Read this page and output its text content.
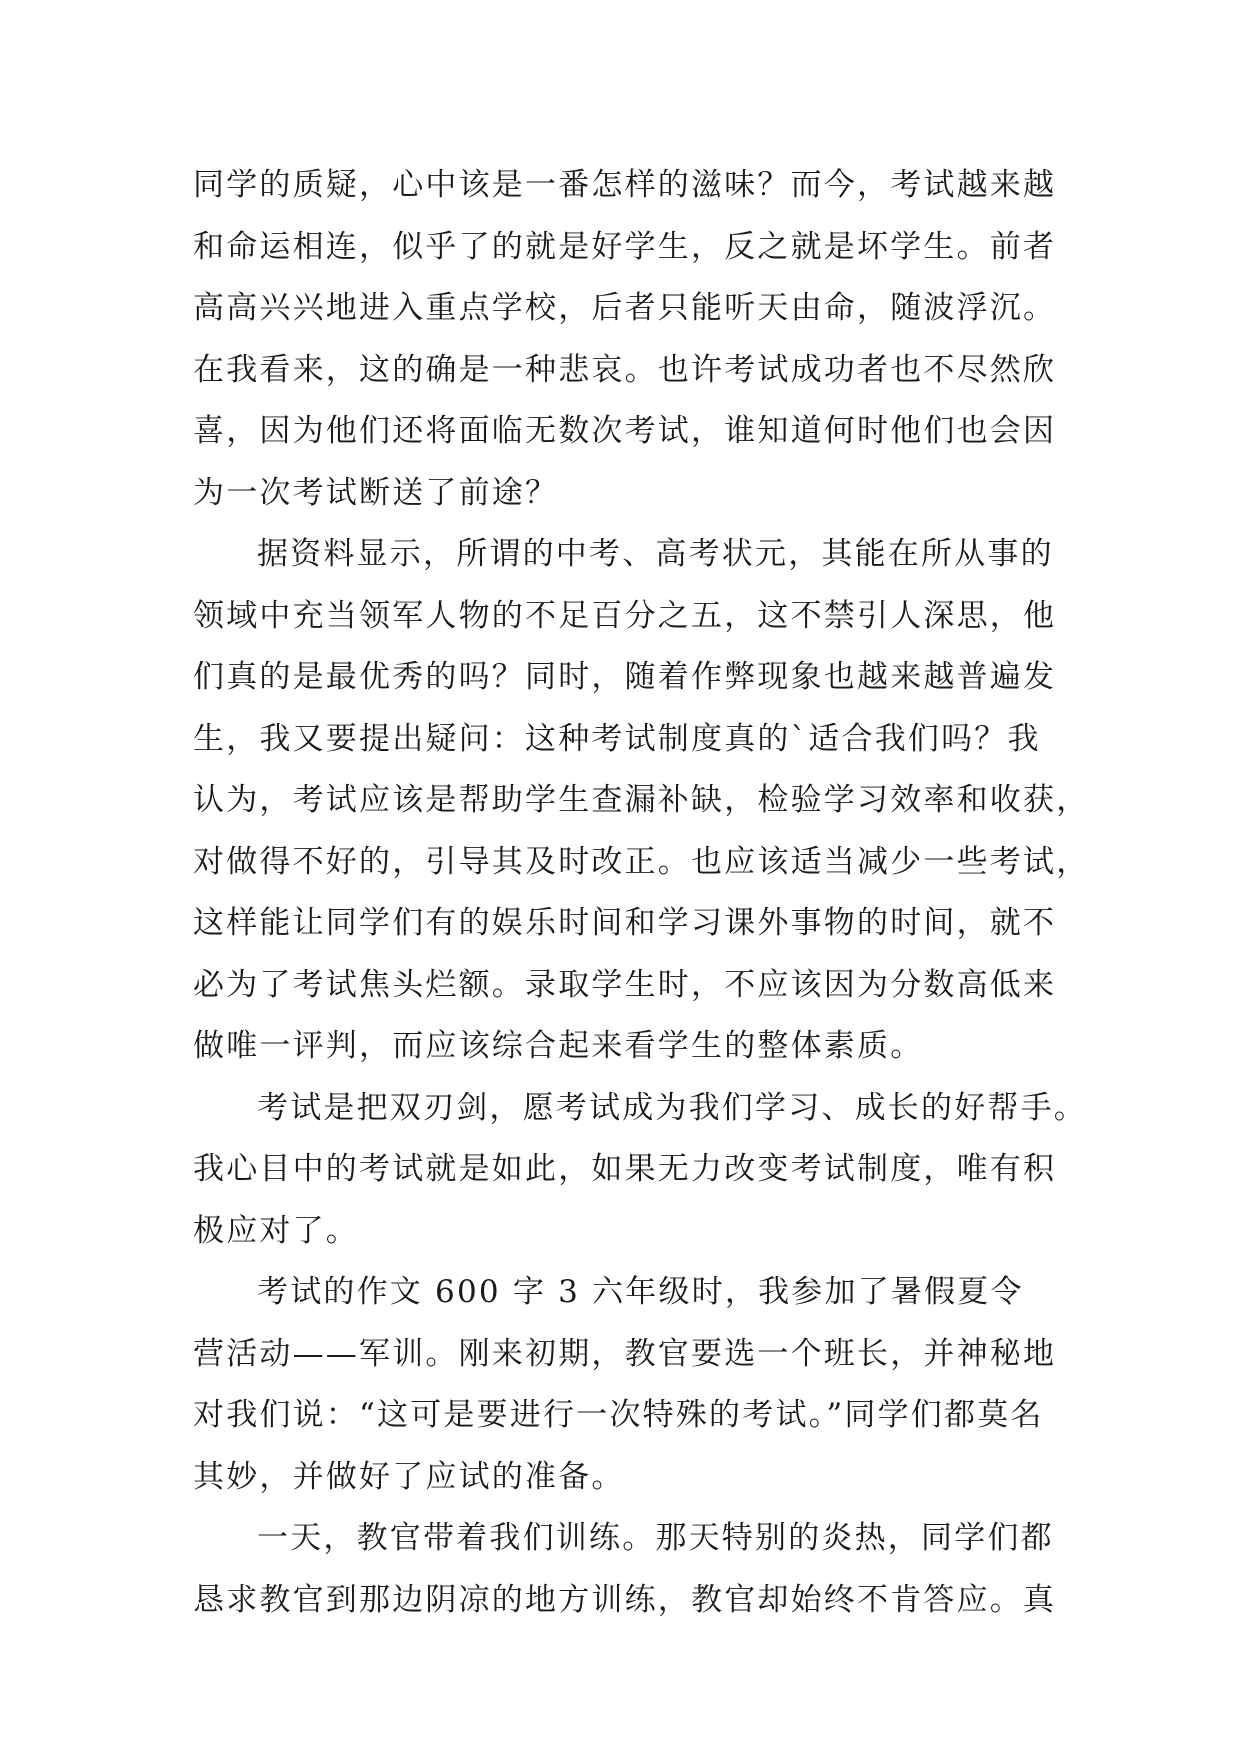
同学的质疑，心中该是一番怎样的滋味？而今，考试越来越
和命运相连，似乎了的就是好学生，反之就是坏学生。前者
高高兴兴地进入重点学校，后者只能听天由命，随波浮沉。
在我看来，这的确是一种悲哀。也许考试成功者也不尽然欣
喜，因为他们还将面临无数次考试，谁知道何时他们也会因
为一次考试断送了前途？
据资料显示，所谓的中考、高考状元，其能在所从事的
领域中充当领军人物的不足百分之五，这不禁引人深思，他
们真的是最优秀的吗？同时，随着作弊现象也越来越普遍发
生，我又要提出疑问：这种考试制度真的`适合我们吗？我
认为，考试应该是帮助学生查漏补缺，检验学习效率和收获，
对做得不好的，引导其及时改正。也应该适当减少一些考试，
这样能让同学们有的娱乐时间和学习课外事物的时间，就不
必为了考试焦头烂额。录取学生时，不应该因为分数高低来
做唯一评判，而应该综合起来看学生的整体素质。
考试是把双刃剑，愿考试成为我们学习、成长的好帮手。
我心目中的考试就是如此，如果无力改变考试制度，唯有积
极应对了。
考试的作文 600 字 3 六年级时，我参加了暑假夏令
营活动——军训。刚来初期，教官要选一个班长，并神秘地
对我们说：“这可是要进行一次特殊的考试。”同学们都莫名
其妙，并做好了应试的准备。
一天，教官带着我们训练。那天特别的炎热，同学们都
恳求教官到那边阴凉的地方训练，教官却始终不肯答应。真
